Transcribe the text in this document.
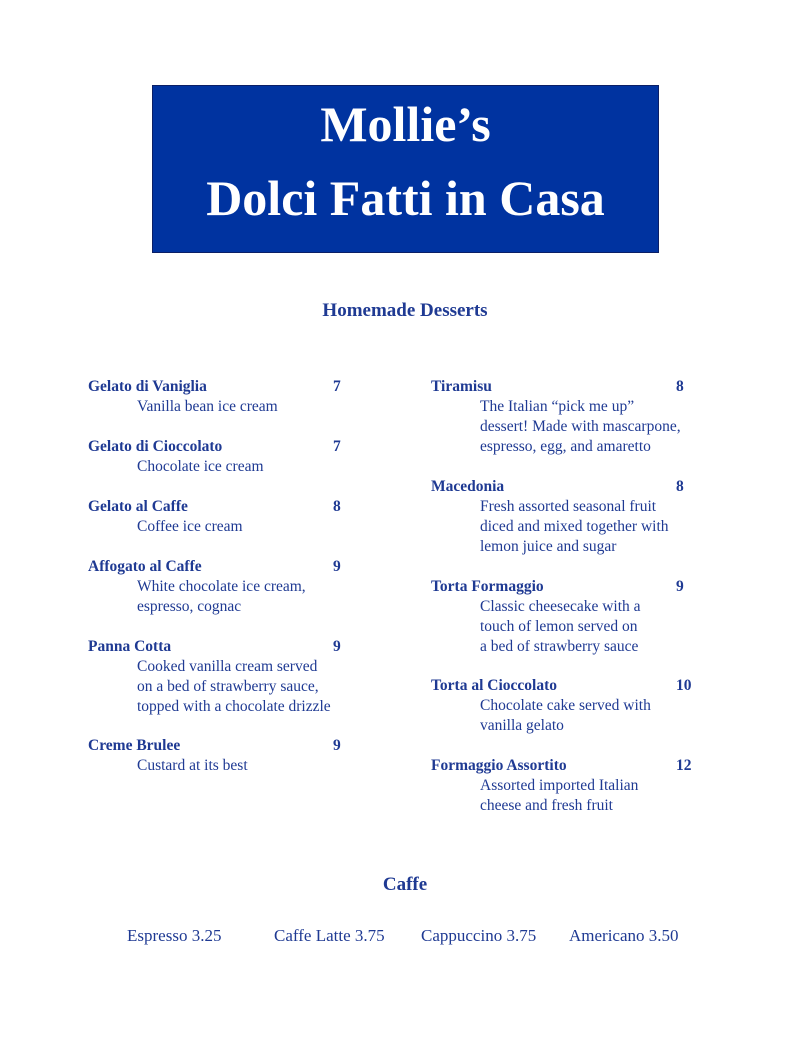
Mollie’s
Dolci Fatti in Casa
Homemade Desserts
Gelato di Vaniglia	7
Vanilla bean ice cream
Gelato di Cioccolato	7
Chocolate ice cream
Gelato al Caffe	8
Coffee ice cream
Affogato al Caffe	9
White chocolate ice cream,
espresso, cognac
Panna Cotta	9
Cooked vanilla cream served
on a bed of strawberry sauce,
topped with a chocolate drizzle
Creme Brulee	9
Custard at its best
Tiramisu	8
The Italian “pick me up”
dessert! Made with mascarpone,
espresso, egg, and amaretto
Macedonia	8
Fresh assorted seasonal fruit
diced and mixed together with
lemon juice and sugar
Torta Formaggio	9
Classic cheesecake with a
touch of lemon served on
a bed of strawberry sauce
Torta al Cioccolato	10
Chocolate cake served with
vanilla gelato
Formaggio Assortito	12
Assorted imported Italian
cheese and fresh fruit
Caffe
Espresso 3.25	Caffe Latte 3.75 Cappuccino 3.75 Americano 3.50
